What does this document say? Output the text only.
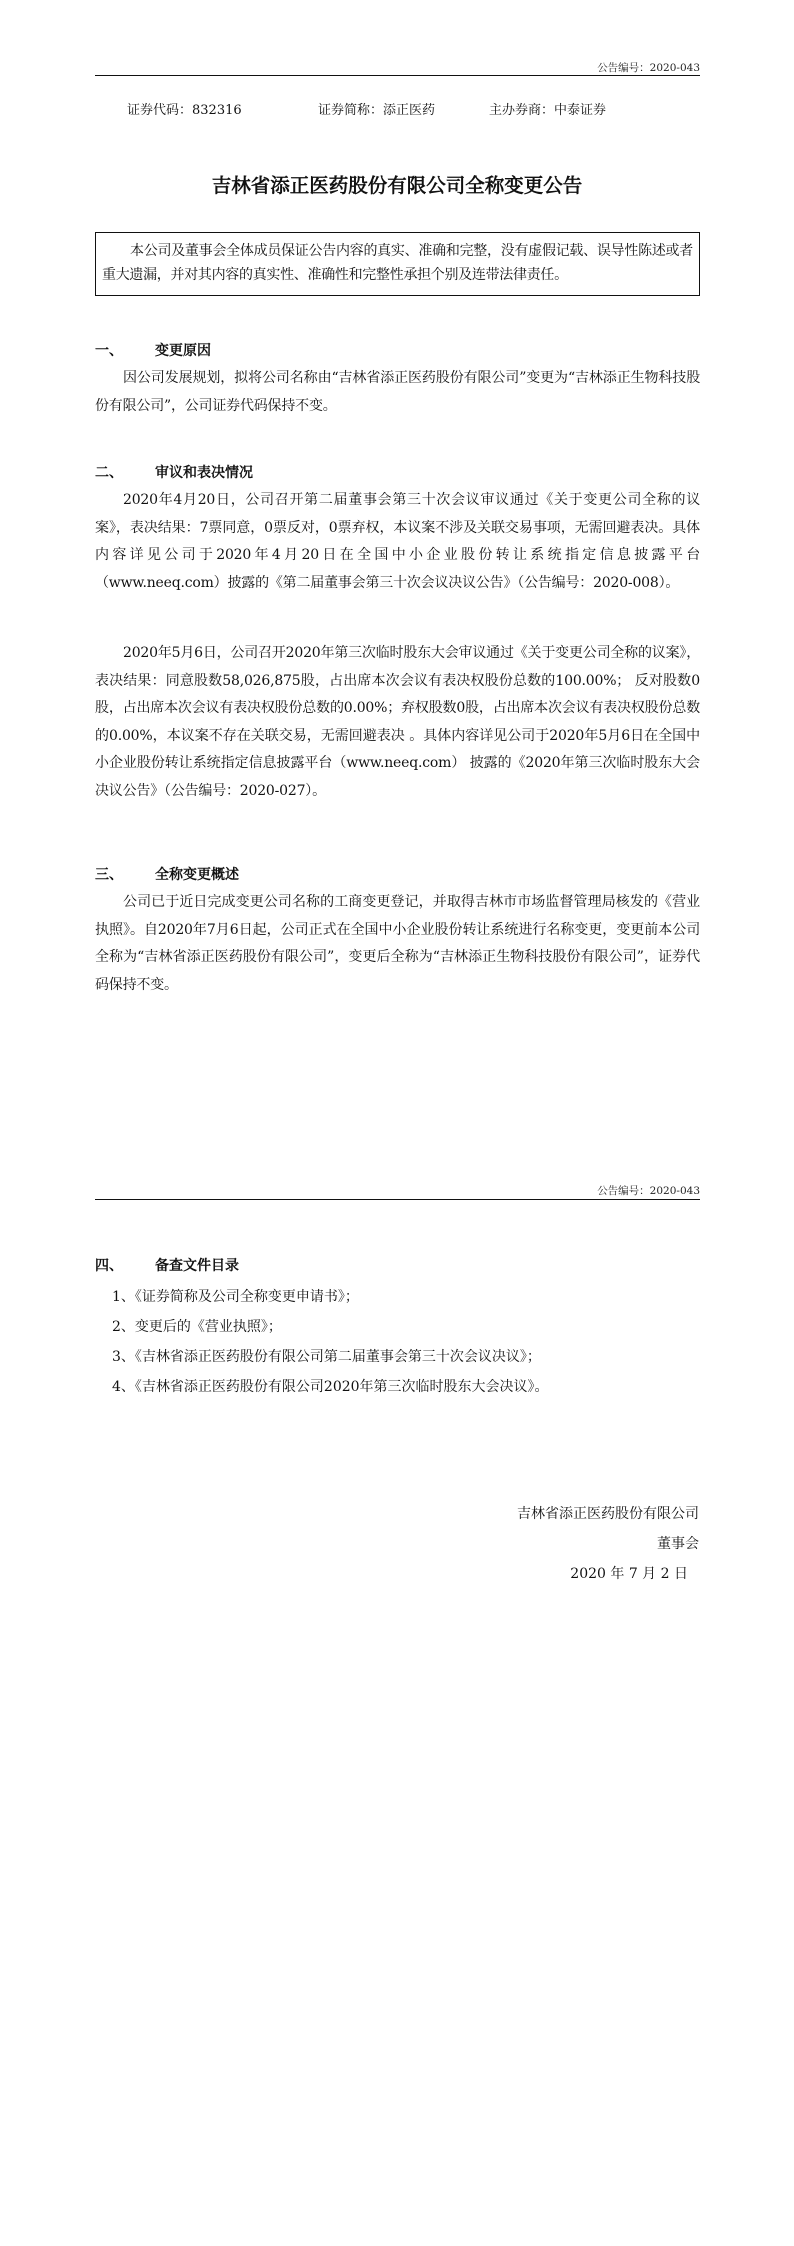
公告编号：2020-043
证券代码：832316	证券简称：添正医药	主办券商：中泰证券
吉林省添正医药股份有限公司全称变更公告

本公司及董事会全体成员保证公告内容的真实、准确和完整，没有虚假记载、误导性陈述或者重大遗漏，并对其内容的真实性、准确性和完整性承担个别及连带法律责任。

一、 变更原因

因公司发展规划，拟将公司名称由“吉林省添正医药股份有限公司”变更为“吉林添正生物科技股份有限公司”，公司证券代码保持不变。

二、 审议和表决情况

2020年4月20日，公司召开第二届董事会第三十次会议审议通过《关于变更公司全称的议案》，表决结果：7票同意，0票反对，0票弃权，本议案不涉及关联交易事项，无需回避表决。具体内容详见公司于2020年4月20日在全国中小企业股份转让系统指定信息披露平台（www.neeq.com）披露的《第二届董事会第三十次会议决议公告》（公告编号：2020-008）。

2020年5月6日，公司召开2020年第三次临时股东大会审议通过《关于变更公司全称的议案》，表决结果：同意股数58,026,875股，占出席本次会议有表决权股份总数的100.00%； 反对股数0股，占出席本次会议有表决权股份总数的0.00%；弃权股数0股，占出席本次会议有表决权股份总数的0.00%，本议案不存在关联交易，无需回避表决 。具体内容详见公司于2020年5月6日在全国中小企业股份转让系统指定信息披露平台（www.neeq.com） 披露的《2020年第三次临时股东大会决议公告》（公告编号：2020-027）。

三、 全称变更概述

公司已于近日完成变更公司名称的工商变更登记，并取得吉林市市场监督管理局核发的《营业执照》。自2020年7月6日起，公司正式在全国中小企业股份转让系统进行名称变更，变更前本公司全称为“吉林省添正医药股份有限公司”，变更后全称为“吉林添正生物科技股份有限公司”，证券代码保持不变。

公告编号：2020-043
四、 备查文件目录
1、《证券简称及公司全称变更申请书》；
2、变更后的《营业执照》；
3、《吉林省添正医药股份有限公司第二届董事会第三十次会议决议》；
4、《吉林省添正医药股份有限公司2020年第三次临时股东大会决议》。
吉林省添正医药股份有限公司
董事会
2020 年 7 月 2 日
